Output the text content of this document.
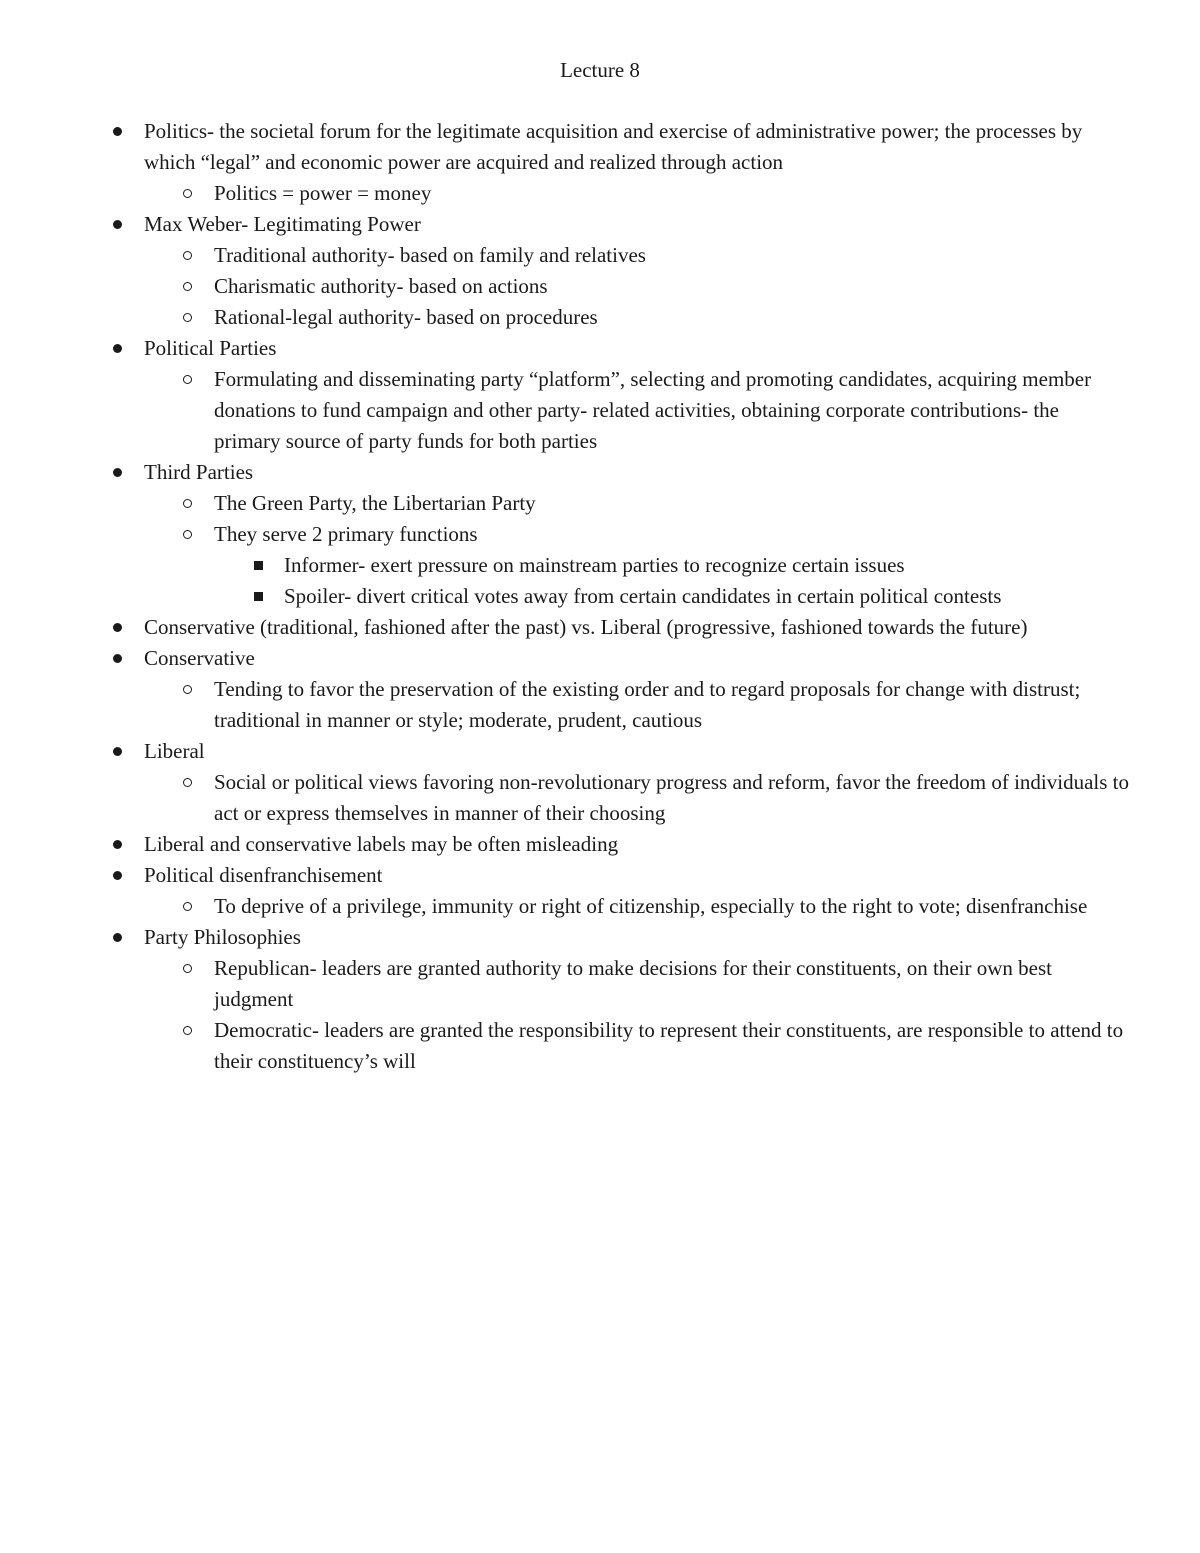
Lecture 8
Politics- the societal forum for the legitimate acquisition and exercise of administrative power; the processes by which “legal” and economic power are acquired and realized through action
Politics = power = money
Max Weber- Legitimating Power
Traditional authority- based on family and relatives
Charismatic authority- based on actions
Rational-legal authority- based on procedures
Political Parties
Formulating and disseminating party “platform”, selecting and promoting candidates, acquiring member donations to fund campaign and other party- related activities, obtaining corporate contributions- the primary source of party funds for both parties
Third Parties
The Green Party, the Libertarian Party
They serve 2 primary functions
Informer- exert pressure on mainstream parties to recognize certain issues
Spoiler- divert critical votes away from certain candidates in certain political contests
Conservative (traditional, fashioned after the past) vs. Liberal (progressive, fashioned towards the future)
Conservative
Tending to favor the preservation of the existing order and to regard proposals for change with distrust; traditional in manner or style; moderate, prudent, cautious
Liberal
Social or political views favoring non-revolutionary progress and reform, favor the freedom of individuals to act or express themselves in manner of their choosing
Liberal and conservative labels may be often misleading
Political disenfranchisement
To deprive of a privilege, immunity or right of citizenship, especially to the right to vote; disenfranchise
Party Philosophies
Republican- leaders are granted authority to make decisions for their constituents, on their own best judgment
Democratic- leaders are granted the responsibility to represent their constituents, are responsible to attend to their constituency’s will
